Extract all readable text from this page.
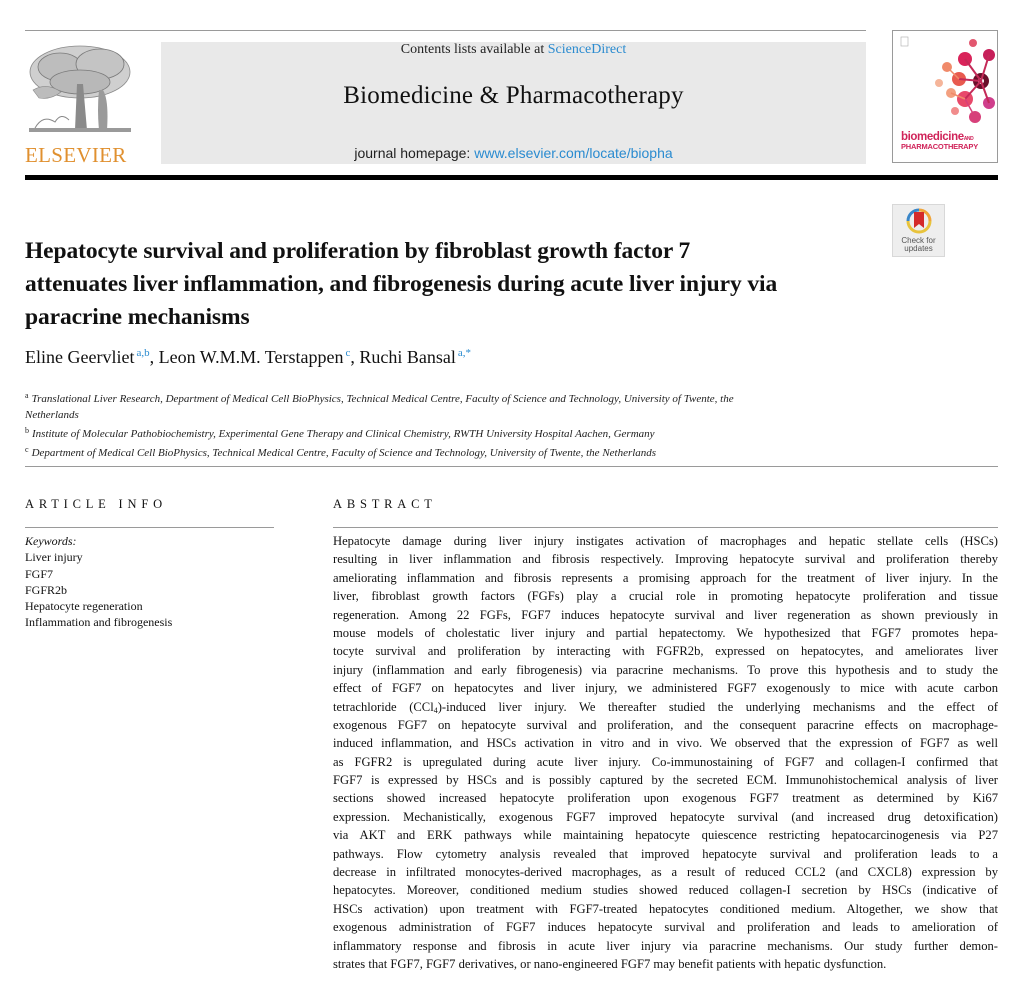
ELSEVIER
Contents lists available at ScienceDirect
Biomedicine & Pharmacotherapy
journal homepage: www.elsevier.com/locate/biopha
biomedicineAND
PHARMACOTHERAPY
Check for
updates
Hepatocyte survival and proliferation by fibroblast growth factor 7
attenuates liver inflammation, and fibrogenesis during acute liver injury via
paracrine mechanisms
Eline Geervliet $^{a,b}$, Leon W.M.M. Terstappen $^c$, Ruchi Bansal $^{a,*}$
$^a$ Translational Liver Research, Department of Medical Cell BioPhysics, Technical Medical Centre, Faculty of Science and Technology, University of Twente, the
Netherlands
$^b$ Institute of Molecular Pathobiochemistry, Experimental Gene Therapy and Clinical Chemistry, RWTH University Hospital Aachen, Germany
$^c$ Department of Medical Cell BioPhysics, Technical Medical Centre, Faculty of Science and Technology, University of Twente, the Netherlands
ARTICLE INFO
Keywords:
Liver injury
FGF7
FGFR2b
Hepatocyte regeneration
Inflammation and fibrogenesis
ABSTRACT
Hepatocyte damage during liver injury instigates activation of macrophages and hepatic stellate cells (HSCs)
resulting in liver inflammation and fibrosis respectively. Improving hepatocyte survival and proliferation thereby
ameliorating inflammation and fibrosis represents a promising approach for the treatment of liver injury. In the
liver, fibroblast growth factors (FGFs) play a crucial role in promoting hepatocyte proliferation and tissue
regeneration. Among 22 FGFs, FGF7 induces hepatocyte survival and liver regeneration as shown previously in
mouse models of cholestatic liver injury and partial hepatectomy. We hypothesized that FGF7 promotes hepa-
tocyte survival and proliferation by interacting with FGFR2b, expressed on hepatocytes, and ameliorates liver
injury (inflammation and early fibrogenesis) via paracrine mechanisms. To prove this hypothesis and to study the
effect of FGF7 on hepatocytes and liver injury, we administered FGF7 exogenously to mice with acute carbon
tetrachloride (CCl$_4$)-induced liver injury. We thereafter studied the underlying mechanisms and the effect of
exogenous FGF7 on hepatocyte survival and proliferation, and the consequent paracrine effects on macrophage-
induced inflammation, and HSCs activation in vitro and in vivo. We observed that the expression of FGF7 as well
as FGFR2 is upregulated during acute liver injury. Co-immunostaining of FGF7 and collagen-I confirmed that
FGF7 is expressed by HSCs and is possibly captured by the secreted ECM. Immunohistochemical analysis of liver
sections showed increased hepatocyte proliferation upon exogenous FGF7 treatment as determined by Ki67
expression. Mechanistically, exogenous FGF7 improved hepatocyte survival (and increased drug detoxification)
via AKT and ERK pathways while maintaining hepatocyte quiescence restricting hepatocarcinogenesis via P27
pathways. Flow cytometry analysis revealed that improved hepatocyte survival and proliferation leads to a
decrease in infiltrated monocytes-derived macrophages, as a result of reduced CCL2 (and CXCL8) expression by
hepatocytes. Moreover, conditioned medium studies showed reduced collagen-I secretion by HSCs (indicative of
HSCs activation) upon treatment with FGF7-treated hepatocytes conditioned medium. Altogether, we show that
exogenous administration of FGF7 induces hepatocyte survival and proliferation and leads to amelioration of
inflammatory response and fibrosis in acute liver injury via paracrine mechanisms. Our study further demon-
strates that FGF7, FGF7 derivatives, or nano-engineered FGF7 may benefit patients with hepatic dysfunction.
